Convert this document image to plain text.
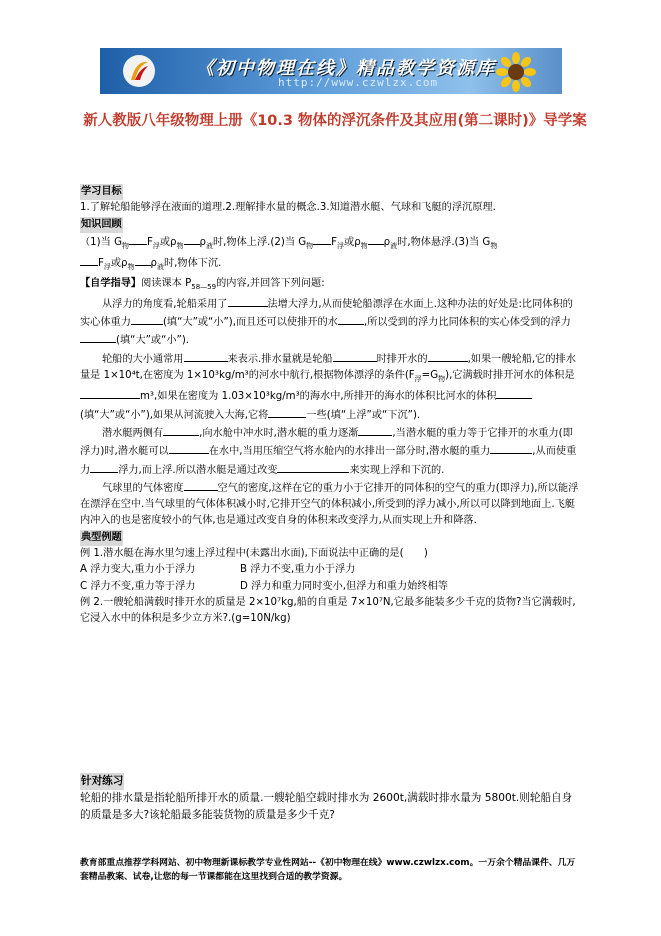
《初中物理在线》精品教学资源库
http://www.czwlzx.com
新人教版八年级物理上册《10.3 物体的浮沉条件及其应用(第二课时)》导学案

学习目标

1.了解轮船能够浮在液面的道理.2.理解排水量的概念.3.知道潜水艇、气球和飞艇的浮沉原理.

知识回顾

（1)当 $G_物$ $F_浮$或$\rho_物$ $\rho_液$时,物体上浮.(2)当 $G_物$ $F_浮$或$\rho_物$ $\rho_液$时,物体悬浮.(3)当 $G_物$

$F_浮$或$\rho_物$ $\rho_液$时,物体下沉.

【自学指导】阅读课本 $P_{58—59}$的内容,并回答下列问题:

从浮力的角度看,轮船采用了	法增大浮力,从而使轮船漂浮在水面上.这种办法的好处是:比同体积的实心体重力	(填“大”或“小”),而且还可以使排开的水	,所以受到的浮力比同体积的实心体受到的浮力(填“大”或“小”).

轮船的大小通常用	来表示.排水量就是轮船	时排开水的	,如果一艘轮船,它的排水量是 1×10⁴t,在密度为 1×10³kg/m³的河水中航行,根据物体漂浮的条件$(F_浮=G_物)$,它满载时排开河水的体积是m³,如果在密度为 1.03×10³kg/m³的海水中,所排开的海水的体积比河水的体积(填“大”或“小”),如果从河流驶入大海,它将	一些(填“上浮”或“下沉”).

潜水艇两侧有	,向水舱中冲水时,潜水艇的重力逐渐	,当潜水艇的重力等于它排开的水重力(即浮力)时,潜水艇可以	在水中,当用压缩空气将水舱内的水排出一部分时,潜水艇的重力	,从而使重力	浮力,而上浮.所以潜水艇是通过改变	来实现上浮和下沉的.

气球里的气体密度	空气的密度,这样在它的重力小于它排开的同体积的空气的重力(即浮力),所以能浮在漂浮在空中.当气球里的气体体积减小时,它排开空气的体积减小,所受到的浮力减小,所以可以降到地面上.飞艇内冲入的也是密度较小的气体,也是通过改变自身的体积来改变浮力,从而实现上升和降落.

典型例题

例 1.潜水艇在海水里匀速上浮过程中(未露出水面),下面说法中正确的是(　　)

A 浮力变大,重力小于浮力	B 浮力不变,重力小于浮力

C 浮力不变,重力等于浮力	D 浮力和重力同时变小,但浮力和重力始终相等

例 2.一艘轮船满载时排开水的质量是 2×10⁷kg,船的自重是 7×10⁷N,它最多能装多少千克的货物?当它满载时,它浸入水中的体积是多少立方米?.(g=10N/kg)

针对练习

轮船的排水量是指轮船所排开水的质量.一艘轮船空载时排水为 2600t,满载时排水量为 5800t.则轮船自身的质量是多大?该轮船最多能装货物的质量是多少千克?

教育部重点推荐学科网站、初中物理新课标教学专业性网站--《初中物理在线》www.czwlzx.com。一万余个精品课件、几万套精品教案、试卷,让您的每一节课都能在这里找到合适的教学资源。
